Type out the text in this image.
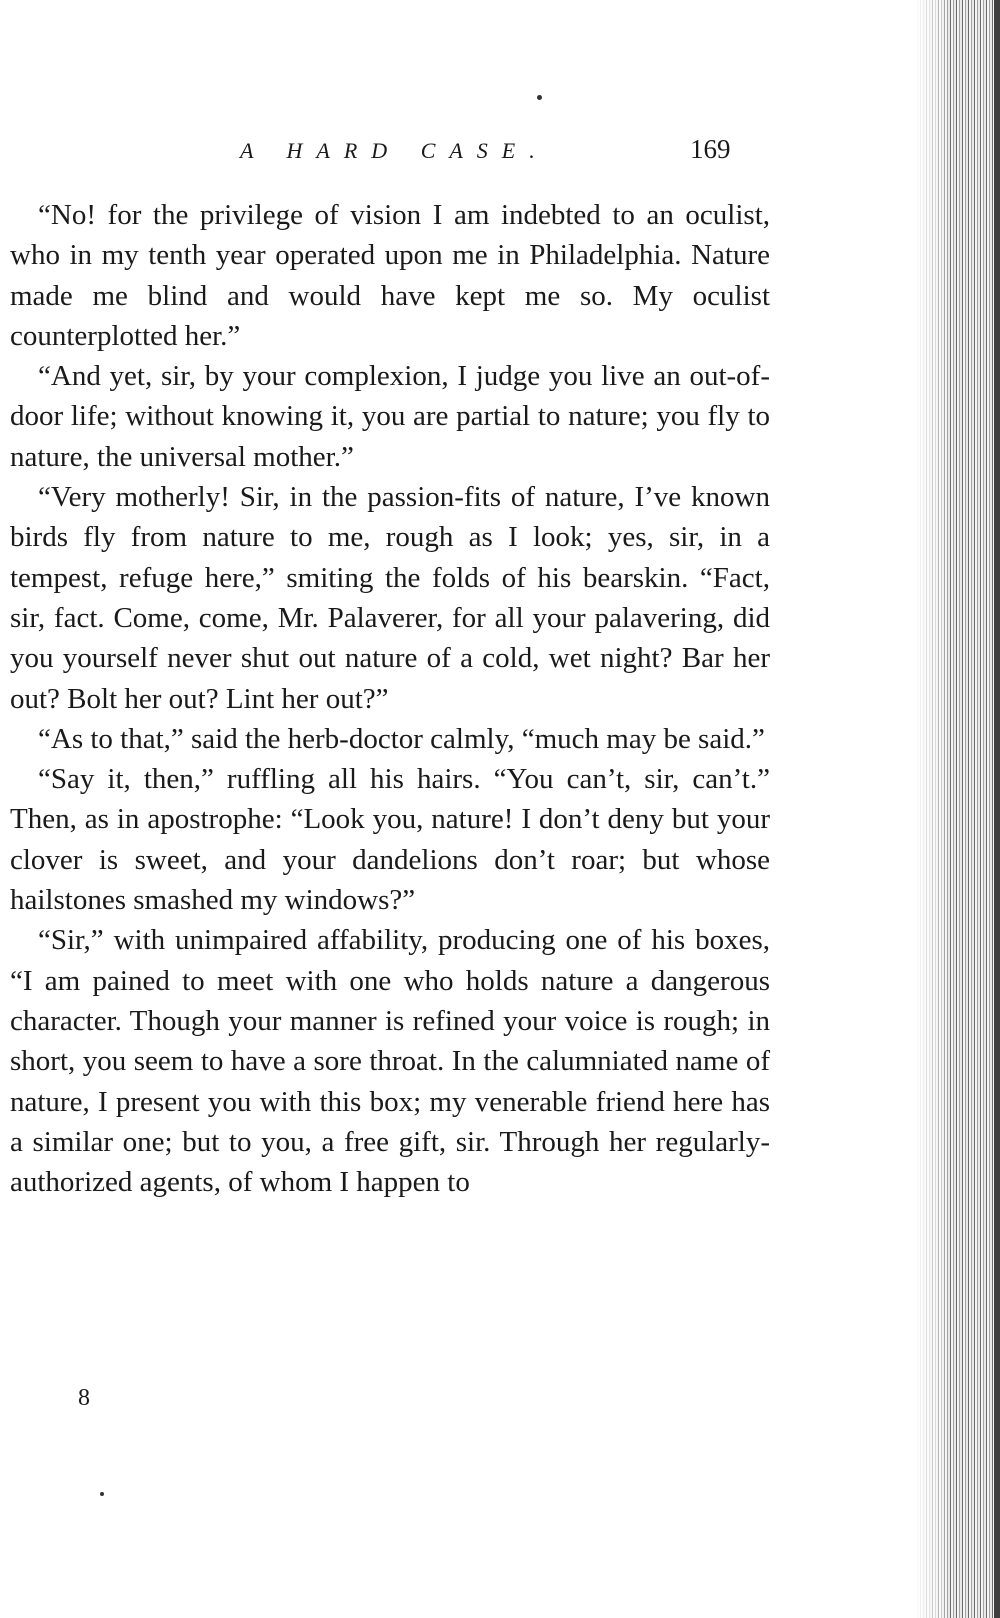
A HARD CASE.	169

“No! for the privilege of vision I am indebted to an oculist, who in my tenth year operated upon me in Philadelphia. Nature made me blind and would have kept me so. My oculist counterplotted her.”

“And yet, sir, by your complexion, I judge you live an out-of-door life; without knowing it, you are partial to nature; you fly to nature, the universal mother.”

“Very motherly! Sir, in the passion-fits of nature, I’ve known birds fly from nature to me, rough as I look; yes, sir, in a tempest, refuge here,” smiting the folds of his bearskin. “Fact, sir, fact. Come, come, Mr. Palaverer, for all your palavering, did you yourself never shut out nature of a cold, wet night? Bar her out? Bolt her out? Lint her out?”

“As to that,” said the herb-doctor calmly, “much may be said.”

“Say it, then,” ruffling all his hairs. “You can’t, sir, can’t.” Then, as in apostrophe: “Look you, nature! I don’t deny but your clover is sweet, and your dandelions don’t roar; but whose hailstones smashed my windows?”

“Sir,” with unimpaired affability, producing one of his boxes, “I am pained to meet with one who holds nature a dangerous character. Though your manner is refined your voice is rough; in short, you seem to have a sore throat. In the calumniated name of nature, I present you with this box; my venerable friend here has a similar one; but to you, a free gift, sir. Through her regularly-authorized agents, of whom I happen to

8
